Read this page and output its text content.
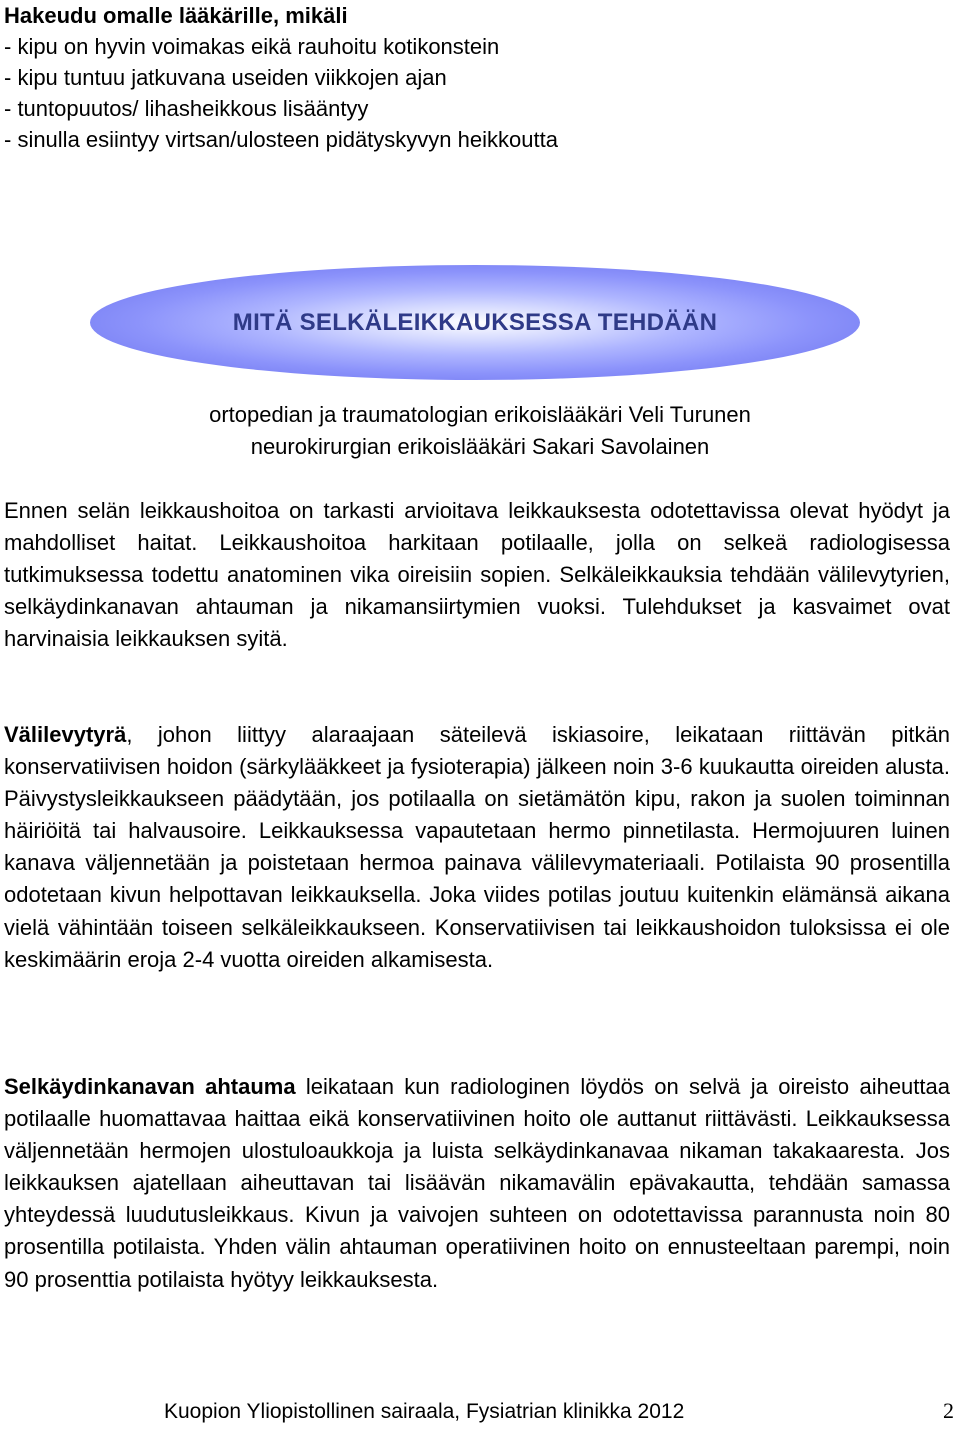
Hakeudu omalle lääkärille, mikäli
- kipu on hyvin voimakas eikä rauhoitu kotikonstein
- kipu tuntuu jatkuvana useiden viikkojen ajan
- tuntopuutos/ lihasheikkous lisääntyy
- sinulla esiintyy virtsan/ulosteen pidätyskyvyn heikkoutta
MITÄ SELKÄLEIKKAUKSESSA TEHDÄÄN
ortopedian ja traumatologian erikoislääkäri Veli Turunen
neurokirurgian erikoislääkäri Sakari Savolainen

Ennen selän leikkaushoitoa on tarkasti arvioitava leikkauksesta odotettavissa olevat hyödyt ja mahdolliset haitat. Leikkaushoitoa harkitaan potilaalle, jolla on selkeä radiologisessa tutkimuksessa todettu anatominen vika oireisiin sopien. Selkäleikkauksia tehdään välilevytyrien, selkäydinkanavan ahtauman ja nikamansiirtymien vuoksi. Tulehdukset ja kasvaimet ovat harvinaisia leikkauksen syitä.

Välilevytyrä, johon liittyy alaraajaan säteilevä iskiasoire, leikataan riittävän pitkän konservatiivisen hoidon (särkylääkkeet ja fysioterapia) jälkeen noin 3-6 kuukautta oireiden alusta. Päivystysleikkaukseen päädytään, jos potilaalla on sietämätön kipu, rakon ja suolen toiminnan häiriöitä tai halvausoire. Leikkauksessa vapautetaan hermo pinnetilasta. Hermojuuren luinen kanava väljennetään ja poistetaan hermoa painava välilevymateriaali. Potilaista 90 prosentilla odotetaan kivun helpottavan leikkauksella. Joka viides potilas joutuu kuitenkin elämänsä aikana vielä vähintään toiseen selkäleikkaukseen. Konservatiivisen tai leikkaushoidon tuloksissa ei ole keskimäärin eroja 2-4 vuotta oireiden alkamisesta.

Selkäydinkanavan ahtauma leikataan kun radiologinen löydös on selvä ja oireisto aiheuttaa potilaalle huomattavaa haittaa eikä konservatiivinen hoito ole auttanut riittävästi. Leikkauksessa väljennetään hermojen ulostuloaukkoja ja luista selkäydinkanavaa nikaman takakaaresta. Jos leikkauksen ajatellaan aiheuttavan tai lisäävän nikamavälin epävakautta, tehdään samassa yhteydessä luudutusleikkaus. Kivun ja vaivojen suhteen on odotettavissa parannusta noin 80 prosentilla potilaista. Yhden välin ahtauman operatiivinen hoito on ennusteeltaan parempi, noin 90 prosenttia potilaista hyötyy leikkauksesta.

Kuopion Yliopistollinen sairaala, Fysiatrian klinikka 2012	2
